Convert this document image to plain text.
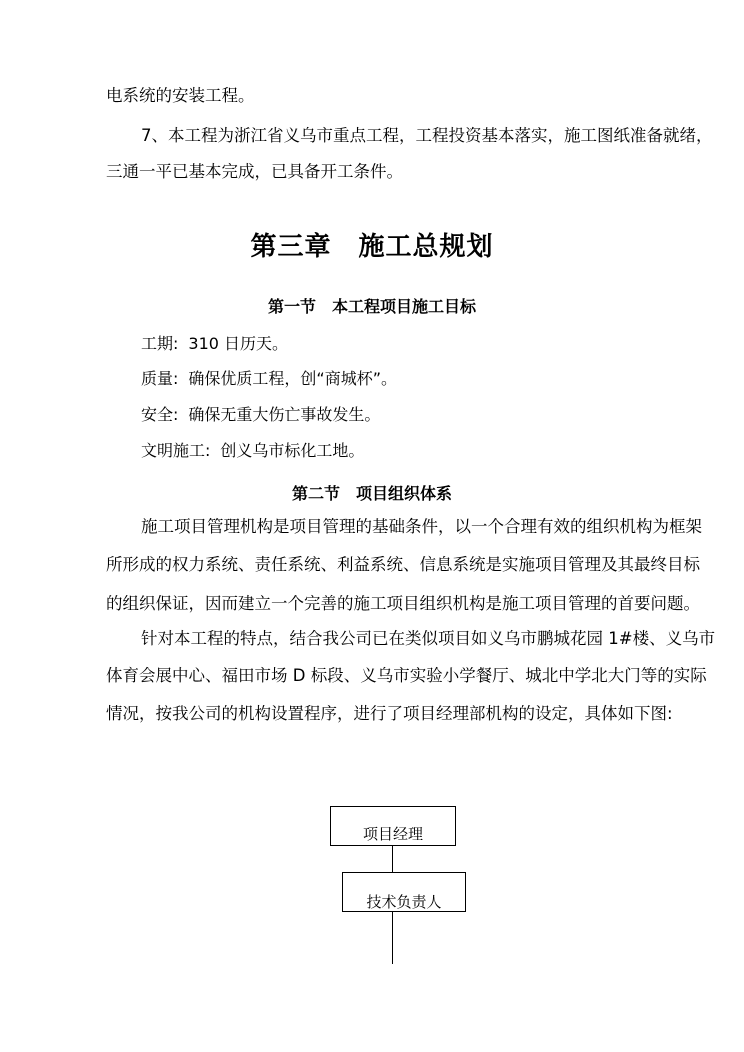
电系统的安装工程。
7、本工程为浙江省义乌市重点工程，工程投资基本落实，施工图纸准备就绪，
三通一平已基本完成，已具备开工条件。
第三章　施工总规划
第一节　本工程项目施工目标
工期: 310 日历天。
质量: 确保优质工程，创“商城杯”。
安全: 确保无重大伤亡事故发生。
文明施工: 创义乌市标化工地。
第二节　项目组织体系
施工项目管理机构是项目管理的基础条件，以一个合理有效的组织机构为框架
所形成的权力系统、责任系统、利益系统、信息系统是实施项目管理及其最终目标
的组织保证，因而建立一个完善的施工项目组织机构是施工项目管理的首要问题。
针对本工程的特点，结合我公司已在类似项目如义乌市鹏城花园 1#楼、义乌市
体育会展中心、福田市场 D 标段、义乌市实验小学餐厅、城北中学北大门等的实际
情况，按我公司的机构设置程序，进行了项目经理部机构的设定，具体如下图:
项目经理
技术负责人
